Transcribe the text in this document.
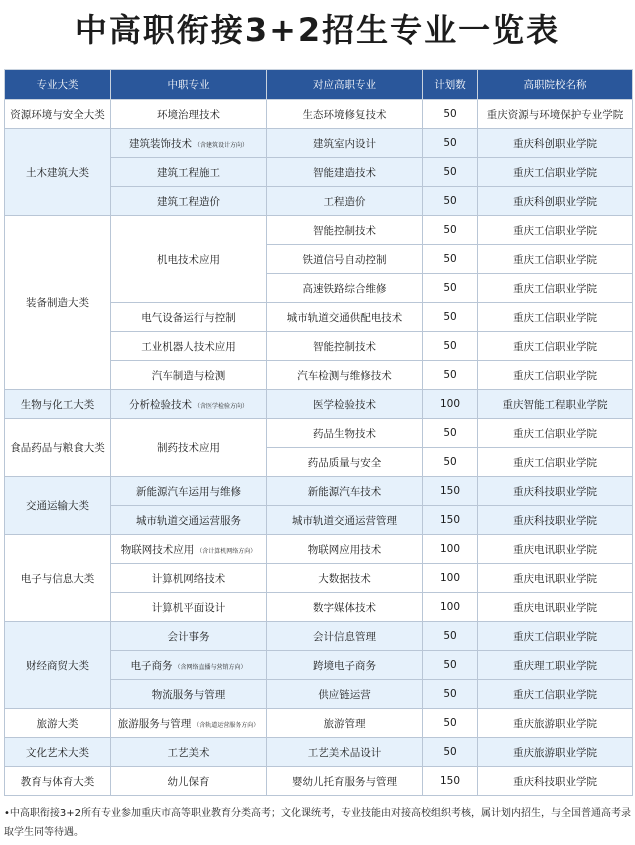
中高职衔接3+2招生专业一览表
专业大类	中职专业	对应高职专业	计划数	高职院校名称
资源环境与安全大类	环境治理技术	生态环境修复技术	50	重庆资源与环境保护专业学院
土木建筑大类	建筑装饰技术 （含建筑设计方向）	建筑室内设计	50	重庆科创职业学院
	建筑工程施工	智能建造技术	50	重庆工信职业学院
	建筑工程造价	工程造价	50	重庆科创职业学院
装备制造大类	机电技术应用	智能控制技术	50	重庆工信职业学院
		铁道信号自动控制	50	重庆工信职业学院
		高速铁路综合维修	50	重庆工信职业学院
	电气设备运行与控制	城市轨道交通供配电技术	50	重庆工信职业学院
	工业机器人技术应用	智能控制技术	50	重庆工信职业学院
	汽车制造与检测	汽车检测与维修技术	50	重庆工信职业学院
生物与化工大类	分析检验技术 （含医学检验方向）	医学检验技术	100	重庆智能工程职业学院
食品药品与粮食大类	制药技术应用	药品生物技术	50	重庆工信职业学院
		药品质量与安全	50	重庆工信职业学院
交通运输大类	新能源汽车运用与维修	新能源汽车技术	150	重庆科技职业学院
	城市轨道交通运营服务	城市轨道交通运营管理	150	重庆科技职业学院
电子与信息大类	物联网技术应用 （含计算机网络方向）	物联网应用技术	100	重庆电讯职业学院
	计算机网络技术	大数据技术	100	重庆电讯职业学院
	计算机平面设计	数字媒体技术	100	重庆电讯职业学院
财经商贸大类	会计事务	会计信息管理	50	重庆工信职业学院
	电子商务 （含网络直播与营销方向）	跨境电子商务	50	重庆理工职业学院
	物流服务与管理	供应链运营	50	重庆工信职业学院
旅游大类	旅游服务与管理 （含轨道运营服务方向）	旅游管理	50	重庆旅游职业学院
文化艺术大类	工艺美术	工艺美术品设计	50	重庆旅游职业学院
教育与体育大类	幼儿保育	婴幼儿托育服务与管理	150	重庆科技职业学院
•中高职衔接3+2所有专业参加重庆市高等职业教育分类高考；文化课统考，专业技能由对接高校组织考核，属计划内招生，与全国普通高考录取学生同等待遇。
